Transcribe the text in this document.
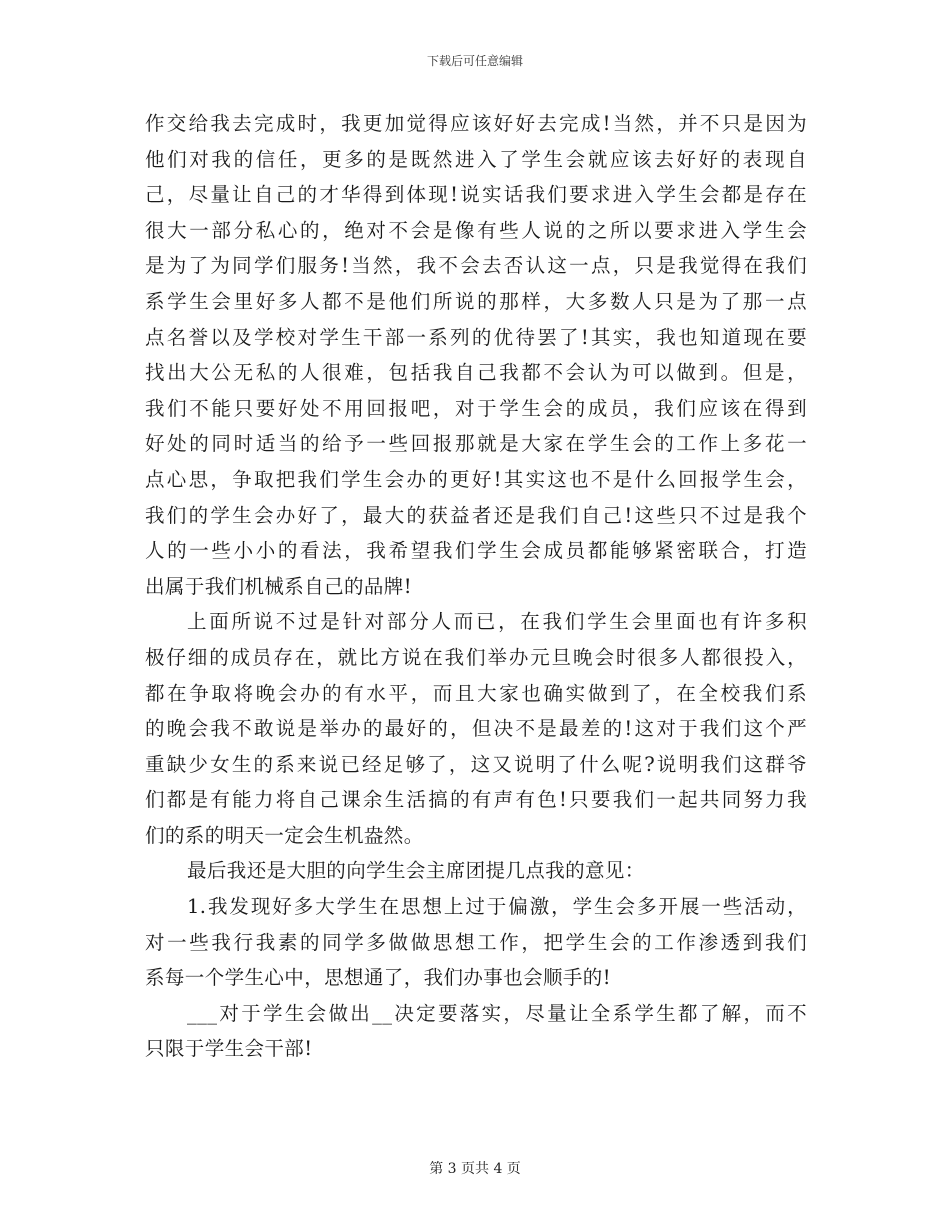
下载后可任意编辑
作交给我去完成时，我更加觉得应该好好去完成!当然，并不只是因为
他们对我的信任，更多的是既然进入了学生会就应该去好好的表现自
己，尽量让自己的才华得到体现!说实话我们要求进入学生会都是存在
很大一部分私心的，绝对不会是像有些人说的之所以要求进入学生会
是为了为同学们服务!当然，我不会去否认这一点，只是我觉得在我们
系学生会里好多人都不是他们所说的那样，大多数人只是为了那一点
点名誉以及学校对学生干部一系列的优待罢了!其实，我也知道现在要
找出大公无私的人很难，包括我自己我都不会认为可以做到。但是，
我们不能只要好处不用回报吧，对于学生会的成员，我们应该在得到
好处的同时适当的给予一些回报那就是大家在学生会的工作上多花一
点心思，争取把我们学生会办的更好!其实这也不是什么回报学生会，
我们的学生会办好了，最大的获益者还是我们自己!这些只不过是我个
人的一些小小的看法，我希望我们学生会成员都能够紧密联合，打造
出属于我们机械系自己的品牌!
上面所说不过是针对部分人而已，在我们学生会里面也有许多积
极仔细的成员存在，就比方说在我们举办元旦晚会时很多人都很投入，
都在争取将晚会办的有水平，而且大家也确实做到了，在全校我们系
的晚会我不敢说是举办的最好的，但决不是最差的!这对于我们这个严
重缺少女生的系来说已经足够了，这又说明了什么呢?说明我们这群爷
们都是有能力将自己课余生活搞的有声有色!只要我们一起共同努力我
们的系的明天一定会生机盎然。
最后我还是大胆的向学生会主席团提几点我的意见：
1.我发现好多大学生在思想上过于偏激，学生会多开展一些活动，
对一些我行我素的同学多做做思想工作，把学生会的工作渗透到我们
系每一个学生心中，思想通了，我们办事也会顺手的!
___对于学生会做出__决定要落实，尽量让全系学生都了解，而不
只限于学生会干部!
第 3 页共 4 页
